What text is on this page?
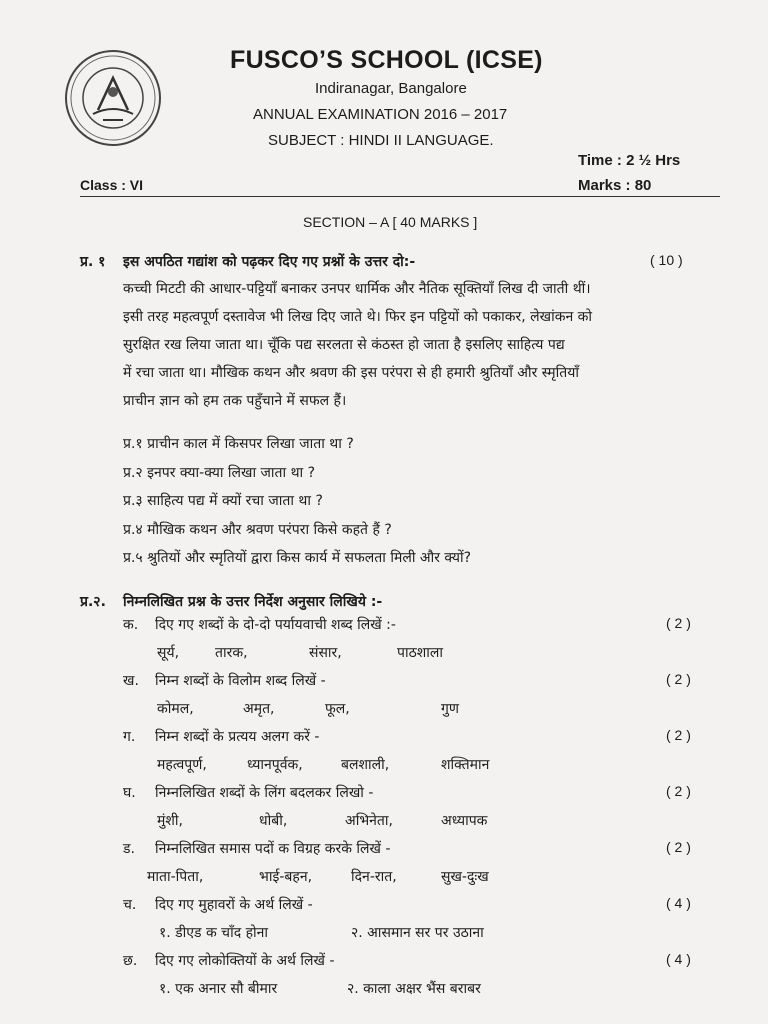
FUSCO’S SCHOOL (ICSE)
Indiranagar, Bangalore
ANNUAL EXAMINATION 2016 – 2017
SUBJECT : HINDI II LANGUAGE.
Time : 2 ½ Hrs
Class : VI	Marks : 80
SECTION – A [ 40 MARKS ]
प्र. १ इस अपठित गद्यांश को पढ़कर दिए गए प्रश्नों के उत्तर दो:-	( 10 )
कच्ची मिटटी की आधार-पट्टियाँ बनाकर उनपर धार्मिक और नैतिक सूक्तियाँ लिख दी जाती थीं।
इसी तरह महत्वपूर्ण दस्तावेज भी लिख दिए जाते थे। फिर इन पट्टियों को पकाकर, लेखांकन को
सुरक्षित रख लिया जाता था। चूँकि पद्य सरलता से कंठस्त हो जाता है इसलिए साहित्य पद्य
में रचा जाता था। मौखिक कथन और श्रवण की इस परंपरा से ही हमारी श्रुतियाँ और स्मृतियाँ
प्राचीन ज्ञान को हम तक पहुँचाने में सफल हैं।
प्र.१ प्राचीन काल में किसपर लिखा जाता था ?
प्र.२ इनपर क्या-क्या लिखा जाता था ?
प्र.३ साहित्य पद्य में क्यों रचा जाता था ?
प्र.४ मौखिक कथन और श्रवण परंपरा किसे कहते हैं ?
प्र.५ श्रुतियों और स्मृतियों द्वारा किस कार्य में सफलता मिली और क्यों?
प्र.२. निम्नलिखित प्रश्न के उत्तर निर्देश अनुसार लिखिये :-
क. दिए गए शब्दों के दो-दो पर्यायवाची शब्द लिखें :-	( 2 )
सूर्य,	तारक,	संसार,	पाठशाला
ख. निम्न शब्दों के विलोम शब्द लिखें -	( 2 )
कोमल,	अमृत,	फूल,	गुण
ग. निम्न शब्दों के प्रत्यय अलग करें -	( 2 )
महत्वपूर्ण,	ध्यानपूर्वक,	बलशाली,	शक्तिमान
घ. निम्नलिखित शब्दों के लिंग बदलकर लिखो -	( 2 )
मुंशी,	धोबी,	अभिनेता,	अध्यापक
ड. निम्नलिखित समास पदों क विग्रह करके लिखें -	( 2 )
माता-पिता,	भाई-बहन,	दिन-रात,	सुख-दुःख
च. दिए गए मुहावरों के अर्थ लिखें -	( 4 )
१. डीएड क चाँद होना	२. आसमान सर पर उठाना
छ. दिए गए लोकोक्तियों के अर्थ लिखें -	( 4 )
१. एक अनार सौ बीमार	२. काला अक्षर भैंस बराबर
